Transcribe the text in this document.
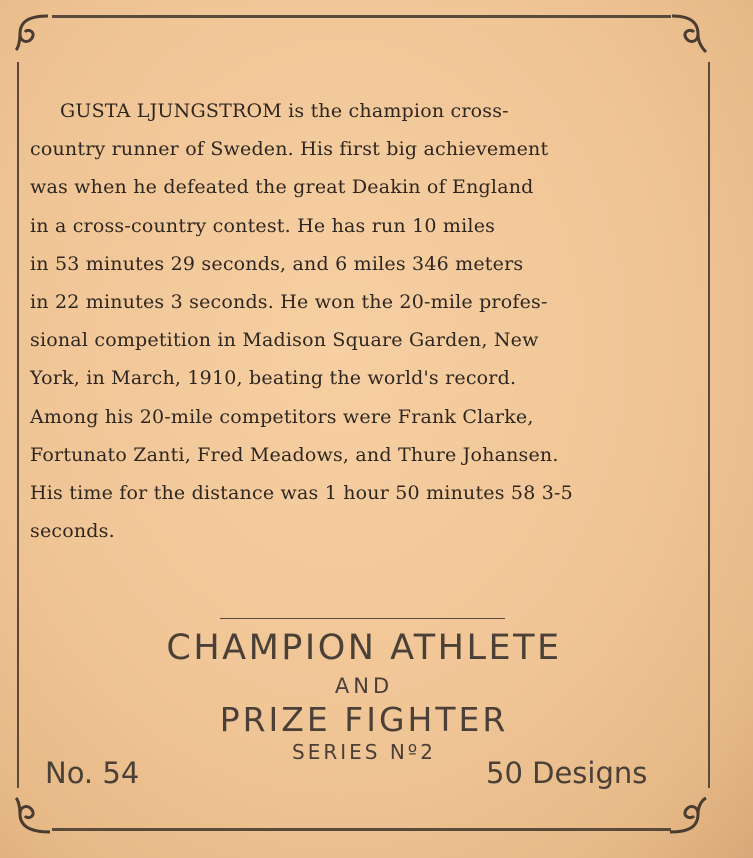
GUSTA LJUNGSTROM is the champion cross-
country runner of Sweden. His first big achievement
was when he defeated the great Deakin of England
in a cross-country contest. He has run 10 miles
in 53 minutes 29 seconds, and 6 miles 346 meters
in 22 minutes 3 seconds. He won the 20-mile profes-
sional competition in Madison Square Garden, New
York, in March, 1910, beating the world's record.
Among his 20-mile competitors were Frank Clarke,
Fortunato Zanti, Fred Meadows, and Thure Johansen.
His time for the distance was 1 hour 50 minutes 58 3-5
seconds.
CHAMPION ATHLETE
AND
PRIZE FIGHTER
SERIES Nº2
No. 54	50 Designs
